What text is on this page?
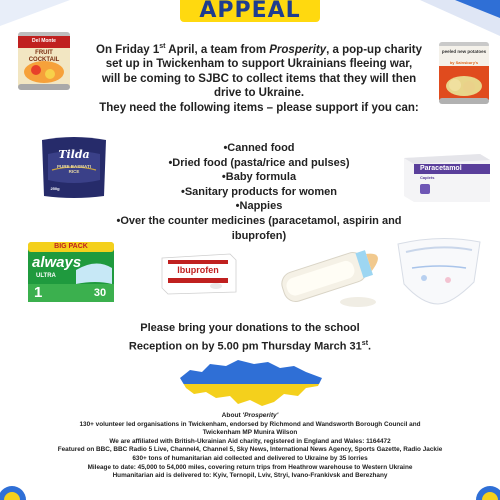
APPEAL
On Friday 1st April, a team from Prosperity, a pop-up charity set up in Twickenham to support Ukrainians fleeing war, will be coming to SJBC to collect items that they will then drive to Ukraine.
They need the following items – please support if you can:
•Canned food
•Dried food (pasta/rice and pulses)
•Baby formula
•Sanitary products for women
•Nappies
•Over the counter medicines (paracetamol, aspirin and ibuprofen)
Del Monte
FRUIT COCKTAIL
peeled new potatoes
by Sainsbury's
Tilda
PURE BASMATI RICE
250g
Paracetamol
Caplets
BIG PACK
always
ULTRA
1	30
Ibuprofen
Please bring your donations to the school
Reception on by 5.00 pm Thursday March 31st.
About 'Prosperity'
130+ volunteer led organisations in Twickenham, endorsed by Richmond and Wandsworth Borough Council and Twickenham MP Munira Wilson
We are affiliated with British-Ukrainian Aid charity, registered in England and Wales: 1164472
Featured on BBC, BBC Radio 5 Live, Channel4, Channel 5, Sky News, International News Agency, Sports Gazette, Radio Jackie
630+ tons of humanitarian aid collected and delivered to Ukraine by 35 lorries
Mileage to date: 45,000 to 54,000 miles, covering return trips from Heathrow warehouse to Western Ukraine
Humanitarian aid is delivered to: Kyiv, Ternopil, Lviv, Stryi, Ivano-Frankivsk and Berezhany
